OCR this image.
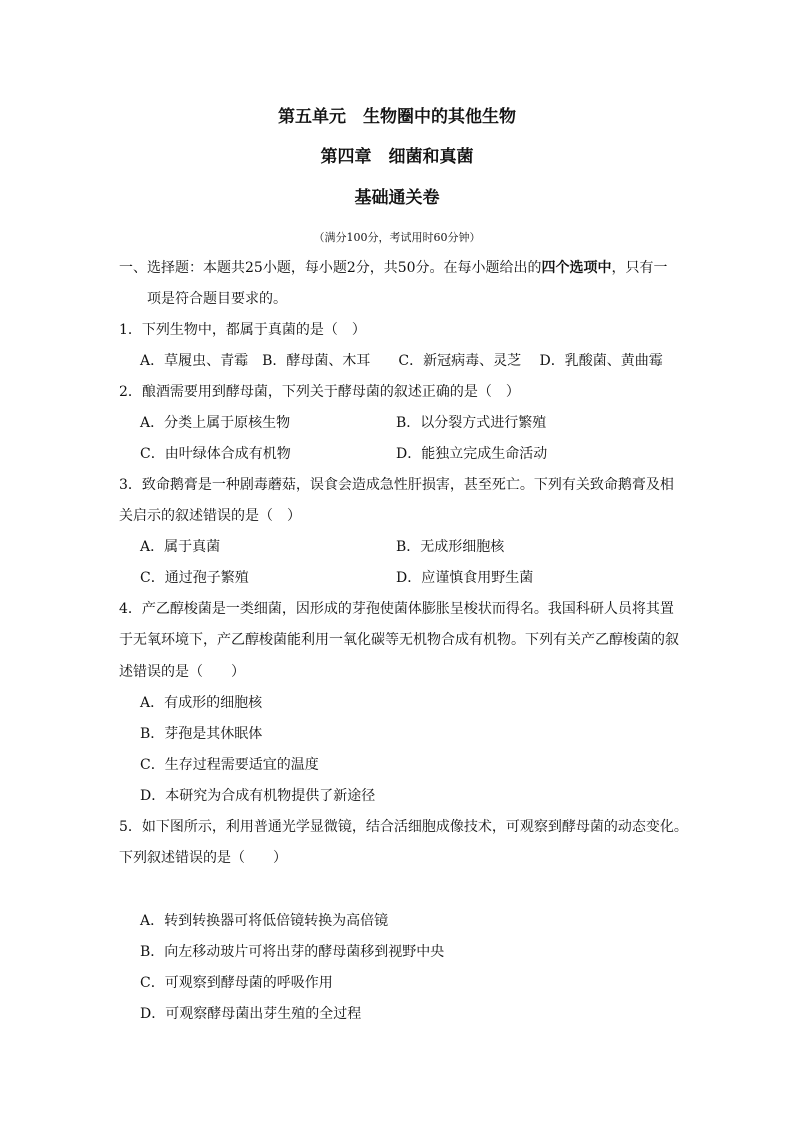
第五单元　生物圈中的其他生物
第四章　细菌和真菌
基础通关卷
（满分100分，考试用时60分钟）
一、选择题：本题共25小题，每小题2分，共50分。在每小题给出的四个选项中，只有一
项是符合题目要求的。
1．下列生物中，都属于真菌的是（　）
A．草履虫、青霉　B．酵母菌、木耳　　C．新冠病毒、灵芝　 D．乳酸菌、黄曲霉
2．酿酒需要用到酵母菌，下列关于酵母菌的叙述正确的是（　）
A．分类上属于原核生物	B．以分裂方式进行繁殖
C．由叶绿体合成有机物	D．能独立完成生命活动
3．致命鹅膏是一种剧毒蘑菇，误食会造成急性肝损害，甚至死亡。下列有关致命鹅膏及相
关启示的叙述错误的是（　）
A．属于真菌	B．无成形细胞核
C．通过孢子繁殖	D．应谨慎食用野生菌
4．产乙醇梭菌是一类细菌，因形成的芽孢使菌体膨胀呈梭状而得名。我国科研人员将其置
于无氧环境下，产乙醇梭菌能利用一氧化碳等无机物合成有机物。下列有关产乙醇梭菌的叙
述错误的是（　　）
A．有成形的细胞核
B．芽孢是其休眠体
C．生存过程需要适宜的温度
D．本研究为合成有机物提供了新途径
5．如下图所示，利用普通光学显微镜，结合活细胞成像技术，可观察到酵母菌的动态变化。
下列叙述错误的是（　　）
A．转到转换器可将低倍镜转换为高倍镜
B．向左移动玻片可将出芽的酵母菌移到视野中央
C．可观察到酵母菌的呼吸作用
D．可观察酵母菌出芽生殖的全过程
